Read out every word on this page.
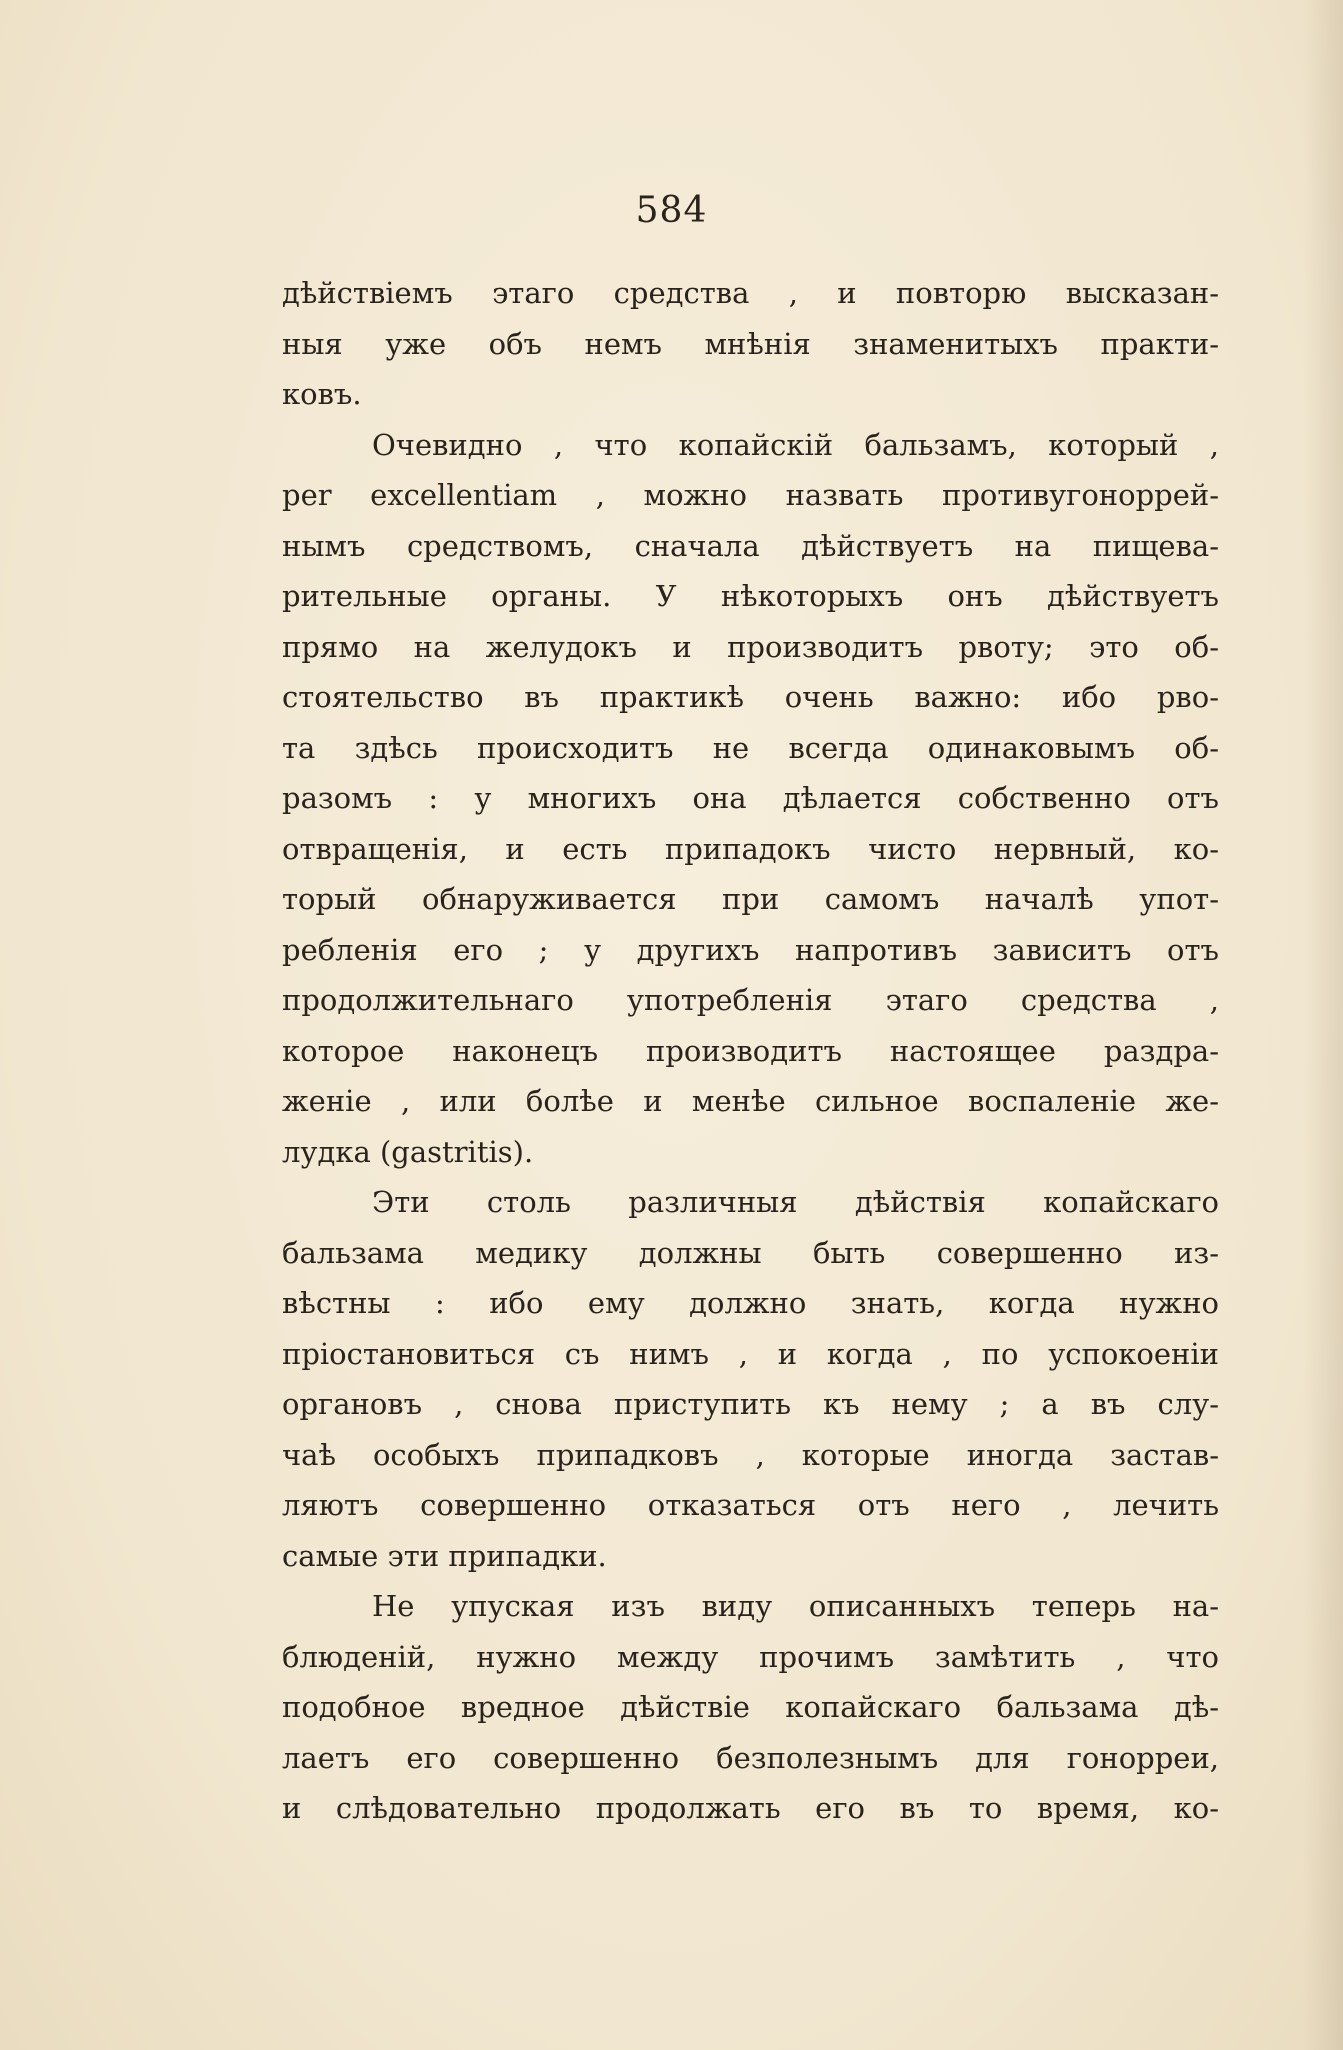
584
дѣйствіемъ этаго средства , и повторю высказан-
ныя уже объ немъ мнѣнія знаменитыхъ практи-
ковъ.
Очевидно , что копайскій бальзамъ, который ,
per excellentiam , можно назвать противугоноррей-
нымъ средствомъ, сначала дѣйствуетъ на пищева-
рительные органы. У нѣкоторыхъ онъ дѣйствуетъ
прямо на желудокъ и производитъ рвоту; это об-
стоятельство въ практикѣ очень важно: ибо рво-
та здѣсь происходитъ не всегда одинаковымъ об-
разомъ : у многихъ она дѣлается собственно отъ
отвращенія, и есть припадокъ чисто нервный, ко-
торый обнаруживается при самомъ началѣ упот-
ребленія его ; у другихъ напротивъ зависитъ отъ
продолжительнаго употребленія этаго средства ,
которое наконецъ производитъ настоящее раздра-
женіе , или болѣе и менѣе сильное воспаленіе же-
лудка (gastritis).
Эти столь различныя дѣйствія копайскаго
бальзама медику должны быть совершенно из-
вѣстны : ибо ему должно знать, когда нужно
пріостановиться съ нимъ , и когда , по успокоеніи
органовъ , снова приступить къ нему ; а въ слу-
чаѣ особыхъ припадковъ , которые иногда застав-
ляютъ совершенно отказаться отъ него , лечить
самые эти припадки.
Не упуская изъ виду описанныхъ теперь на-
блюденій, нужно между прочимъ замѣтить , что
подобное вредное дѣйствіе копайскаго бальзама дѣ-
лаетъ его совершенно безполезнымъ для гонорреи,
и слѣдовательно продолжать его въ то время, ко-
